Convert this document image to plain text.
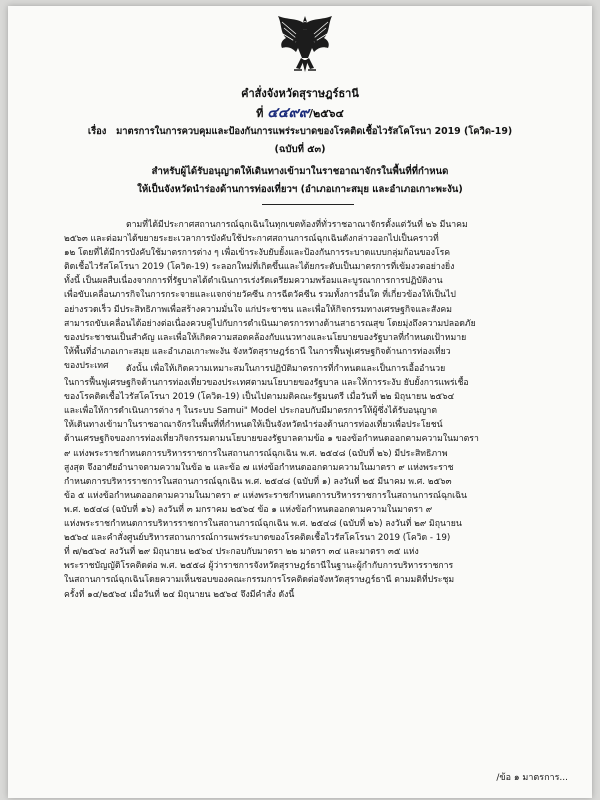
คำสั่งจังหวัดสุราษฎร์ธานี
ที่ ๔๔๙๙/๒๕๖๔
เรื่อง มาตรการในการควบคุมและป้องกันการแพร่ระบาดของโรคติดเชื้อไวรัสโคโรนา 2019 (โควิด-19)
(ฉบับที่ ๕๓)
สำหรับผู้ได้รับอนุญาตให้เดินทางเข้ามาในราชอาณาจักรในพื้นที่ที่กำหนด
ให้เป็นจังหวัดนำร่องด้านการท่องเที่ยวฯ (อำเภอเกาะสมุย และอำเภอเกาะพะงัน)
ตามที่ได้มีประกาศสถานการณ์ฉุกเฉินในทุกเขตท้องที่ทั่วราชอาณาจักรตั้งแต่วันที่ ๒๖ มีนาคม
๒๕๖๓ และต่อมาได้ขยายระยะเวลาการบังคับใช้ประกาศสถานการณ์ฉุกเฉินดังกล่าวออกไปเป็นคราวที่
๑๒ โดยที่ได้มีการบังคับใช้มาตรการต่าง ๆ เพื่อเข้าระงับยับยั้งและป้องกันการระบาดแบบกลุ่มก้อนของโรค
ติดเชื้อไวรัสโคโรนา 2019 (โควิด-19) ระลอกใหม่ที่เกิดขึ้นและได้ยกระดับเป็นมาตรการที่เข้มงวดอย่างยิ่ง
ทั้งนี้ เป็นผลสืบเนื่องจากการที่รัฐบาลได้ดำเนินการเร่งรัดเตรียมความพร้อมและบูรณาการการปฏิบัติงาน
เพื่อขับเคลื่อนภารกิจในการกระจายและแจกจ่ายวัคซีน การฉีดวัคซีน รวมทั้งการอื่นใด ที่เกี่ยวข้องให้เป็นไป
อย่างรวดเร็ว มีประสิทธิภาพเพื่อสร้างความมั่นใจ แก่ประชาชน และเพื่อให้กิจกรรมทางเศรษฐกิจและสังคม
สามารถขับเคลื่อนได้อย่างต่อเนื่องควบคู่ไปกับการดำเนินมาตรการทางด้านสาธารณสุข โดยมุ่งถึงความปลอดภัย
ของประชาชนเป็นสำคัญ และเพื่อให้เกิดความสอดคล้องกับแนวทางและนโยบายของรัฐบาลที่กำหนดเป้าหมาย
ให้พื้นที่อำเภอเกาะสมุย และอำเภอเกาะพะงัน จังหวัดสุราษฎร์ธานี ในการฟื้นฟูเศรษฐกิจด้านการท่องเที่ยว
ของประเทศ	ดังนั้น เพื่อให้เกิดความเหมาะสมในการปฏิบัติมาตรการที่กำหนดและเป็นการเอื้ออำนวย
ในการฟื้นฟูเศรษฐกิจด้านการท่องเที่ยวของประเทศตามนโยบายของรัฐบาล และให้การระงับ ยับยั้งการแพร่เชื้อ
ของโรคติดเชื้อไวรัสโคโรนา 2019 (โควิด-19) เป็นไปตามมติคณะรัฐมนตรี เมื่อวันที่ ๒๒ มิถุนายน ๒๕๖๔
และเพื่อให้การดำเนินการต่าง ๆ ในระบบ Samui" Model ประกอบกับมีมาตรการให้ผู้ซึ่งได้รับอนุญาต
ให้เดินทางเข้ามาในราชอาณาจักรในพื้นที่ที่กำหนดให้เป็นจังหวัดนำร่องด้านการท่องเที่ยวเพื่อประโยชน์
ด้านเศรษฐกิจของการท่องเที่ยวกิจกรรมตามนโยบายของรัฐบาลตามข้อ ๑ ของข้อกำหนดออกตามความในมาตรา
๙ แห่งพระราชกำหนดการบริหารราชการในสถานการณ์ฉุกเฉิน พ.ศ. ๒๕๔๘ (ฉบับที่ ๒๖) มีประสิทธิภาพ
สูงสุด จึงอาศัยอำนาจตามความในข้อ ๒ และข้อ ๗ แห่งข้อกำหนดออกตามความในมาตรา ๙ แห่งพระราช
กำหนดการบริหารราชการในสถานการณ์ฉุกเฉิน พ.ศ. ๒๕๔๘ (ฉบับที่ ๑) ลงวันที่ ๒๕ มีนาคม พ.ศ. ๒๕๖๓
ข้อ ๕ แห่งข้อกำหนดออกตามความในมาตรา ๙ แห่งพระราชกำหนดการบริหารราชการในสถานการณ์ฉุกเฉิน
พ.ศ. ๒๕๔๘ (ฉบับที่ ๑๖) ลงวันที่ ๓ มกราคม ๒๕๖๔ ข้อ ๑ แห่งข้อกำหนดออกตามความในมาตรา ๙
แห่งพระราชกำหนดการบริหารราชการในสถานการณ์ฉุกเฉิน พ.ศ. ๒๕๔๘ (ฉบับที่ ๒๖) ลงวันที่ ๒๙ มิถุนายน
๒๕๖๔ และคำสั่งศูนย์บริหารสถานการณ์การแพร่ระบาดของโรคติดเชื้อไวรัสโคโรนา 2019 (โควิด - 19)
ที่ ๗/๒๕๖๔ ลงวันที่ ๒๙ มิถุนายน ๒๕๖๔ ประกอบกับมาตรา ๒๒ มาตรา ๓๔ และมาตรา ๓๕ แห่ง
พระราชบัญญัติโรคติดต่อ พ.ศ. ๒๕๕๘ ผู้ว่าราชการจังหวัดสุราษฎร์ธานีในฐานะผู้กำกับการบริหารราชการ
ในสถานการณ์ฉุกเฉินโดยความเห็นชอบของคณะกรรมการโรคติดต่อจังหวัดสุราษฎร์ธานี ตามมติที่ประชุม
ครั้งที่ ๑๔/๒๕๖๔ เมื่อวันที่ ๒๔ มิถุนายน ๒๕๖๔ จึงมีคำสั่ง ดังนี้
/ข้อ ๑ มาตรการ...
